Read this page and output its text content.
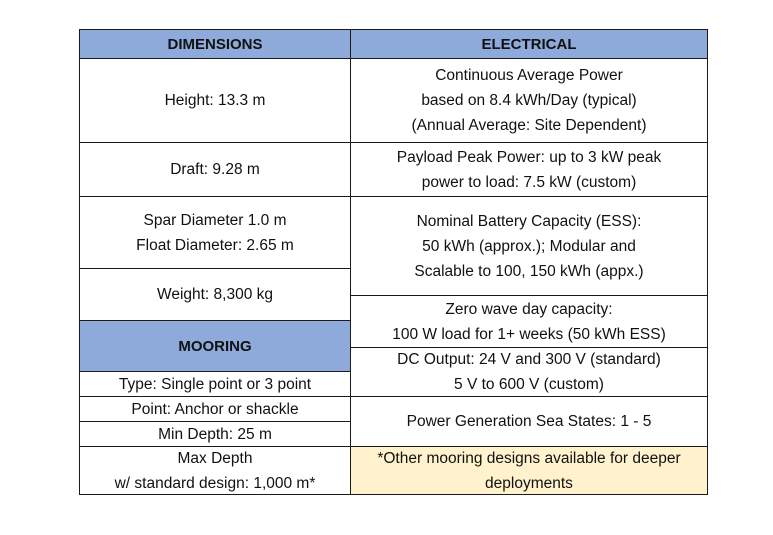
DIMENSIONS	ELECTRICAL
Height: 13.3 m
Draft: 9.28 m
Spar Diameter 1.0 m
Float Diameter: 2.65 m
Weight: 8,300 kg
MOORING
Type: Single point or 3 point
Point: Anchor or shackle
Min Depth: 25 m
Max Depth
w/ standard design: 1,000 m*
Continuous Average Power
based on 8.4 kWh/Day (typical)
(Annual Average: Site Dependent)
Payload Peak Power: up to 3 kW peak
power to load: 7.5 kW (custom)
Nominal Battery Capacity (ESS):
50 kWh (approx.); Modular and
Scalable to 100, 150 kWh (appx.)
Zero wave day capacity:
100 W load for 1+ weeks (50 kWh ESS)
DC Output: 24 V and 300 V (standard)
5 V to 600 V (custom)
Power Generation Sea States: 1 - 5
*Other mooring designs available for deeper
deployments
